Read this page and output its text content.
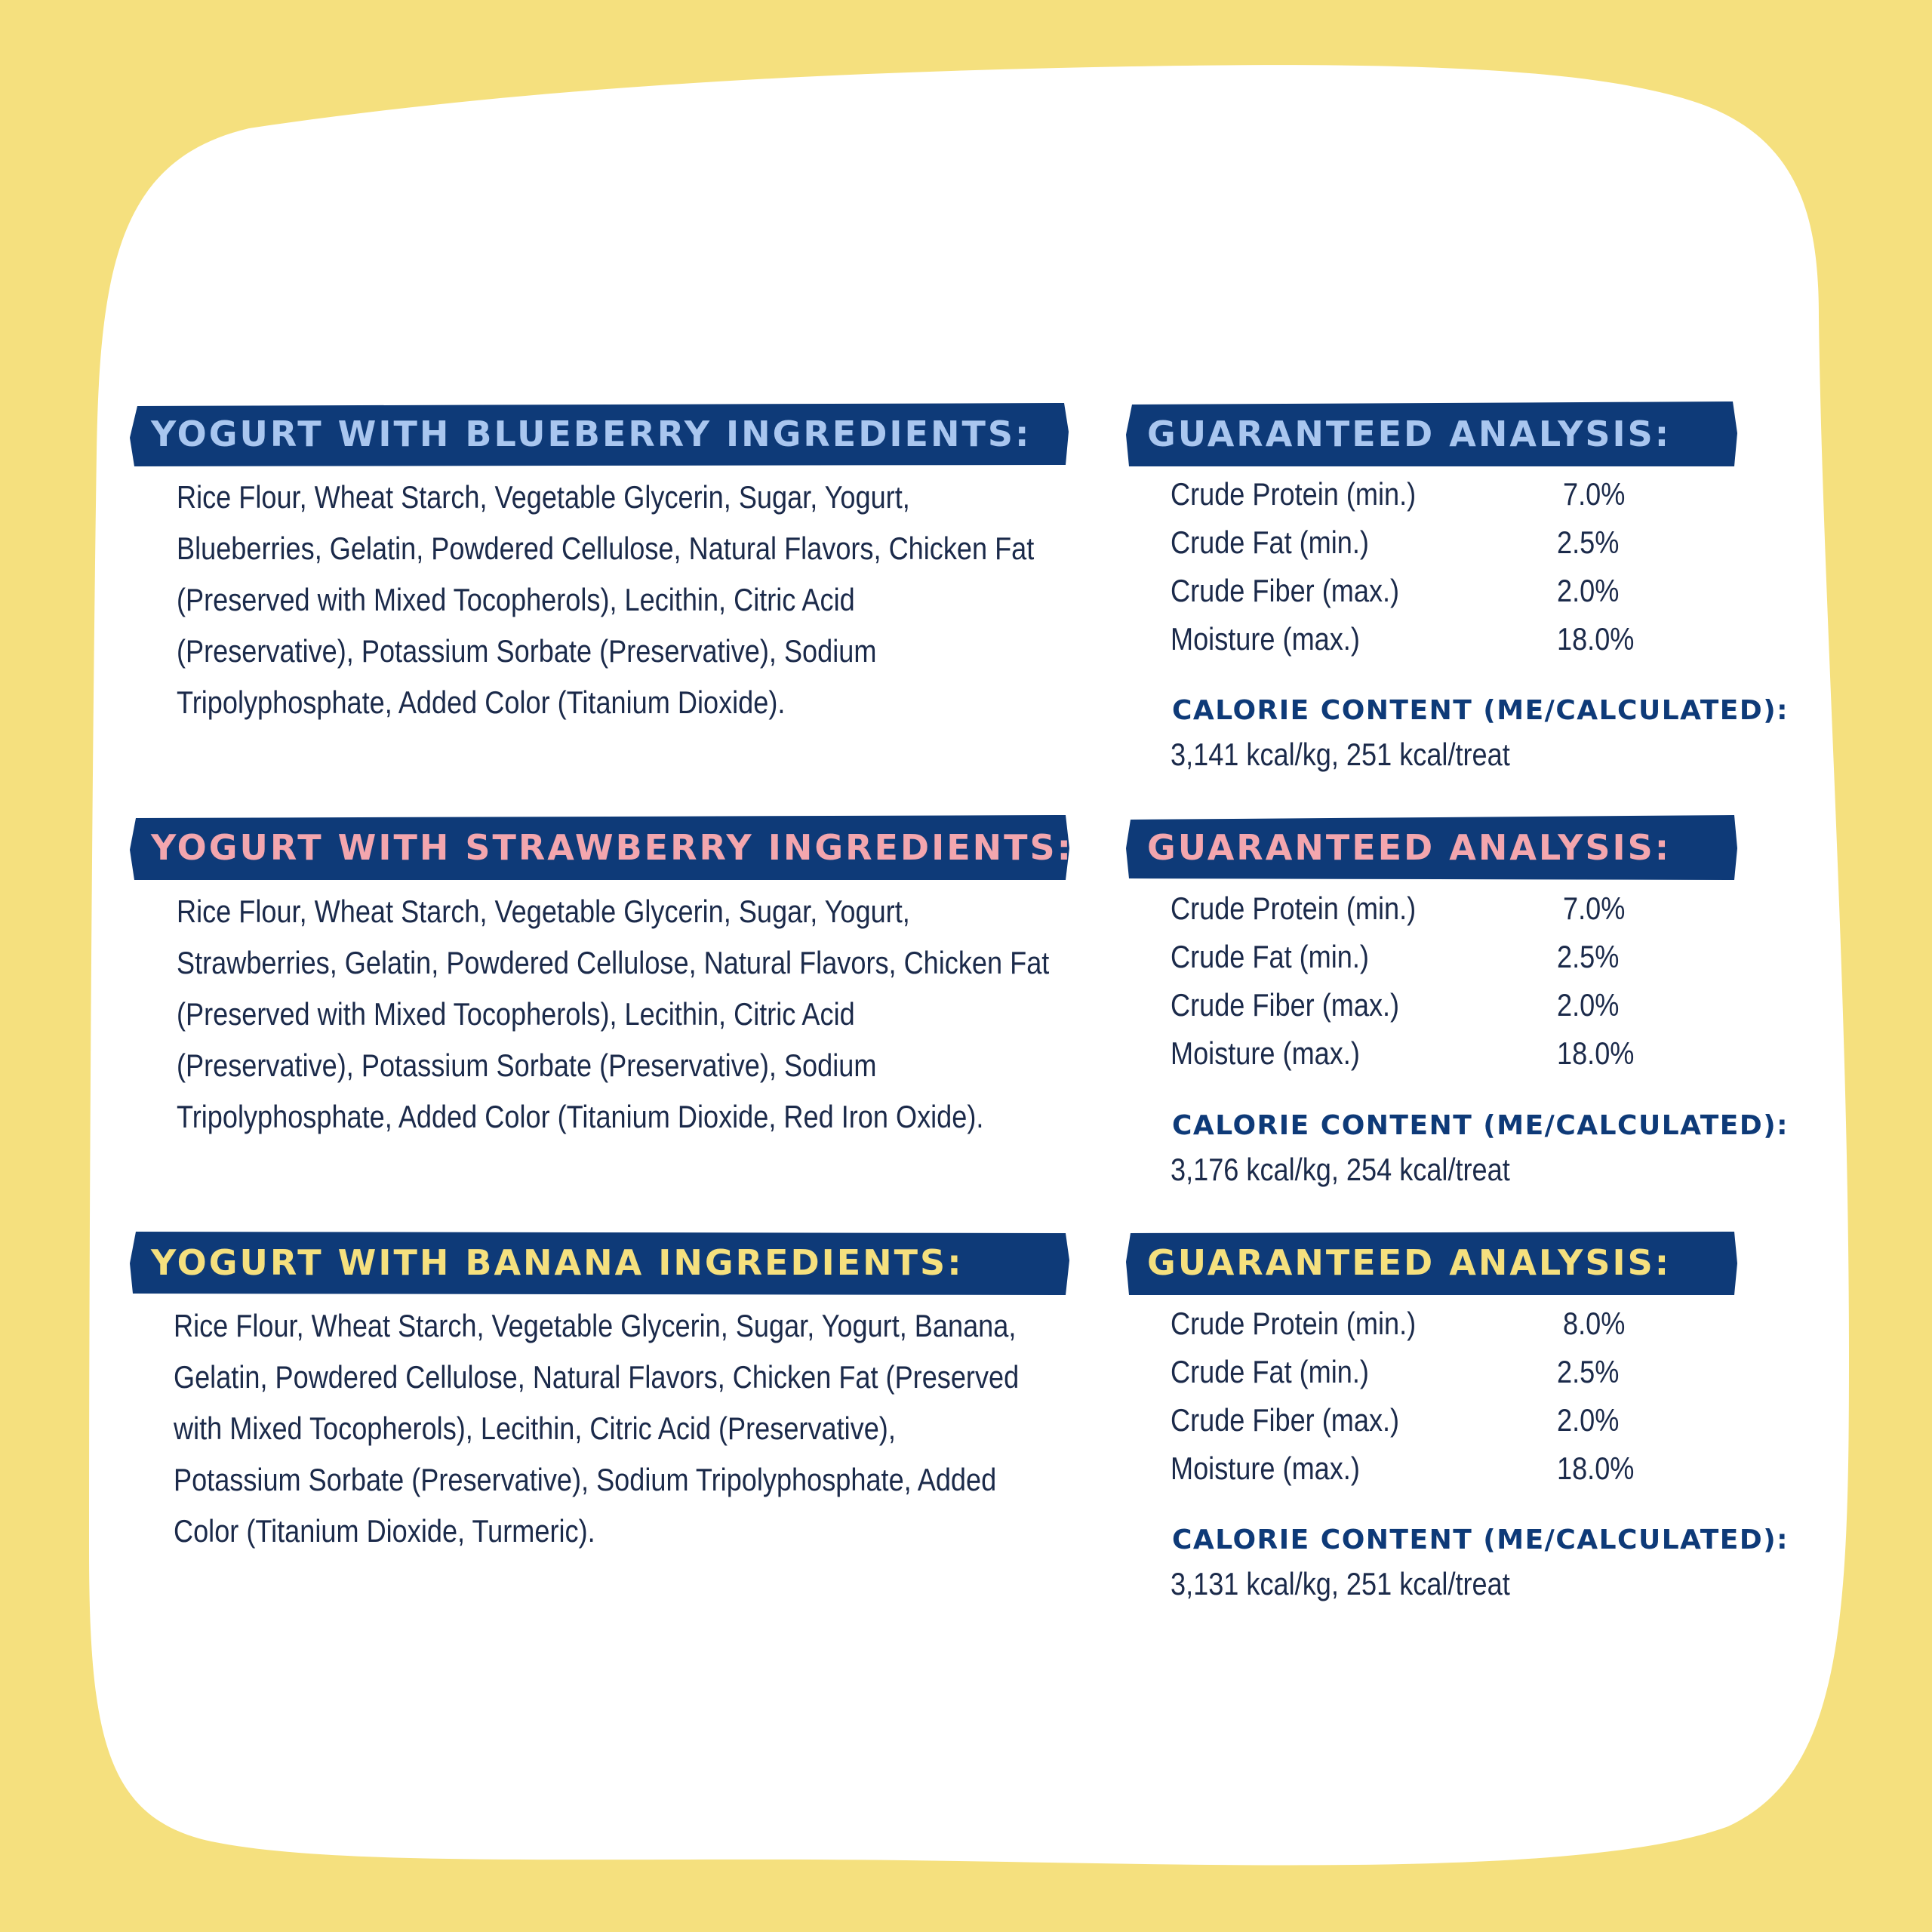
YOGURT WITH BLUEBERRY INGREDIENTS:
Rice Flour, Wheat Starch, Vegetable Glycerin, Sugar, Yogurt,
Blueberries, Gelatin, Powdered Cellulose, Natural Flavors, Chicken Fat
(Preserved with Mixed Tocopherols), Lecithin, Citric Acid
(Preservative), Potassium Sorbate (Preservative), Sodium
Tripolyphosphate, Added Color (Titanium Dioxide).
GUARANTEED ANALYSIS:
Crude Protein (min.)	7.0%
Crude Fat (min.)	2.5%
Crude Fiber (max.)	2.0%
Moisture (max.)	18.0%
CALORIE CONTENT (ME/CALCULATED):
3,141 kcal/kg, 251 kcal/treat
YOGURT WITH STRAWBERRY INGREDIENTS:
Rice Flour, Wheat Starch, Vegetable Glycerin, Sugar, Yogurt,
Strawberries, Gelatin, Powdered Cellulose, Natural Flavors, Chicken Fat
(Preserved with Mixed Tocopherols), Lecithin, Citric Acid
(Preservative), Potassium Sorbate (Preservative), Sodium
Tripolyphosphate, Added Color (Titanium Dioxide, Red Iron Oxide).
GUARANTEED ANALYSIS:
Crude Protein (min.)	7.0%
Crude Fat (min.)	2.5%
Crude Fiber (max.)	2.0%
Moisture (max.)	18.0%
CALORIE CONTENT (ME/CALCULATED):
3,176 kcal/kg, 254 kcal/treat
YOGURT WITH BANANA INGREDIENTS:
Rice Flour, Wheat Starch, Vegetable Glycerin, Sugar, Yogurt, Banana,
Gelatin, Powdered Cellulose, Natural Flavors, Chicken Fat (Preserved
with Mixed Tocopherols), Lecithin, Citric Acid (Preservative),
Potassium Sorbate (Preservative), Sodium Tripolyphosphate, Added
Color (Titanium Dioxide, Turmeric).
GUARANTEED ANALYSIS:
Crude Protein (min.)	8.0%
Crude Fat (min.)	2.5%
Crude Fiber (max.)	2.0%
Moisture (max.)	18.0%
CALORIE CONTENT (ME/CALCULATED):
3,131 kcal/kg, 251 kcal/treat
